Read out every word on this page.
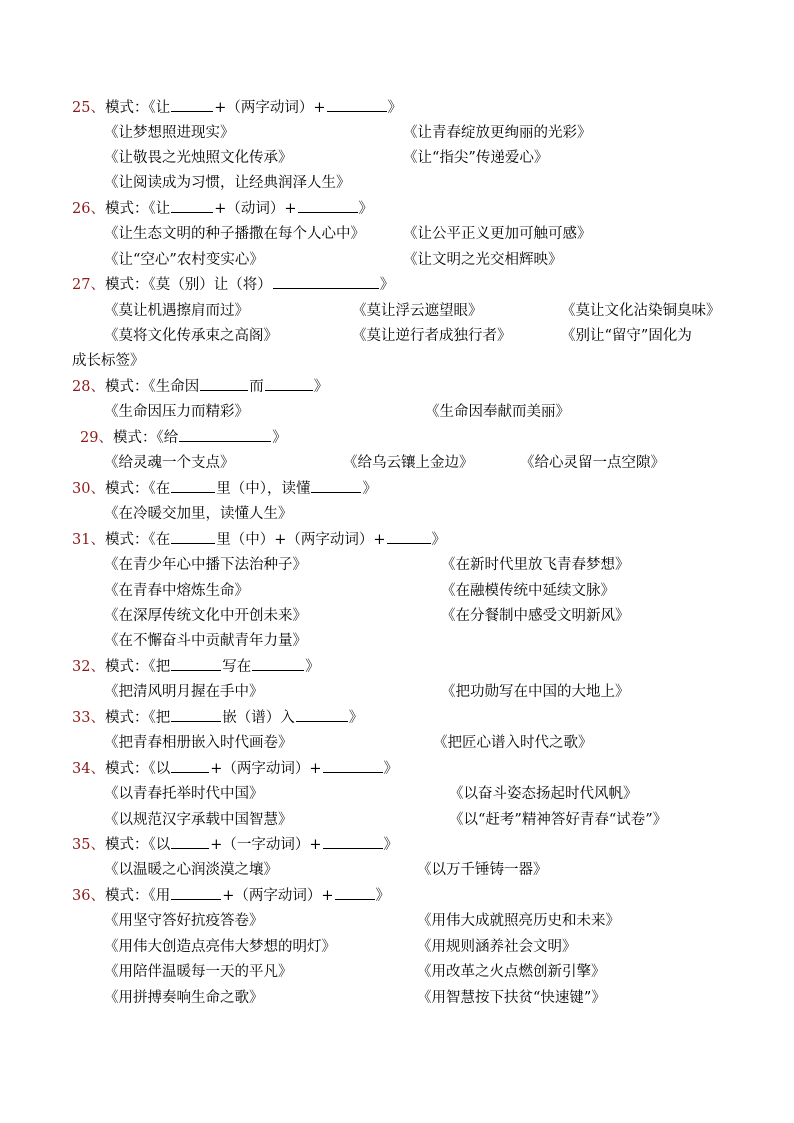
25、模式：《让	+（两字动词）+	》
《让梦想照进现实》	《让青春绽放更绚丽的光彩》
《让敬畏之光烛照文化传承》	《让“指尖”传递爱心》
《让阅读成为习惯，让经典润泽人生》
26、模式：《让	+（动词）+	》
《让生态文明的种子播撒在每个人心中》	《让公平正义更加可触可感》
《让“空心”农村变实心》	《让文明之光交相辉映》
27、模式：《莫（别）让（将）	》
《莫让机遇擦肩而过》	《莫让浮云遮望眼》	《莫让文化沾染铜臭味》
《莫将文化传承束之高阁》	《莫让逆行者成独行者》	《别让“留守”固化为
成长标签》
28、模式：《生命因	而	》
《生命因压力而精彩》	《生命因奉献而美丽》
29、模式：《给	》
《给灵魂一个支点》	《给乌云镶上金边》	《给心灵留一点空隙》
30、模式：《在	里（中），读懂	》
《在冷暖交加里，读懂人生》
31、模式：《在	里（中）+（两字动词）+	》
《在青少年心中播下法治种子》	《在新时代里放飞青春梦想》
《在青春中熔炼生命》	《在融模传统中延续文脉》
《在深厚传统文化中开创未来》	《在分餐制中感受文明新风》
《在不懈奋斗中贡献青年力量》
32、模式：《把	写在	》
《把清风明月握在手中》	《把功勋写在中国的大地上》
33、模式：《把	嵌（谱）入	》
《把青春相册嵌入时代画卷》	《把匠心谱入时代之歌》
34、模式：《以	+（两字动词）+	》
《以青春托举时代中国》	《以奋斗姿态扬起时代风帆》
《以规范汉字承载中国智慧》	《以“赶考”精神答好青春“试卷”》
35、模式：《以	+（一字动词）+	》
《以温暖之心润淡漠之壤》	《以万千锤铸一器》
36、模式：《用	+（两字动词）+	》
《用坚守答好抗疫答卷》	《用伟大成就照亮历史和未来》
《用伟大创造点亮伟大梦想的明灯》	《用规则涵养社会文明》
《用陪伴温暖每一天的平凡》	《用改革之火点燃创新引擎》
《用拼搏奏响生命之歌》	《用智慧按下扶贫“快速键”》
